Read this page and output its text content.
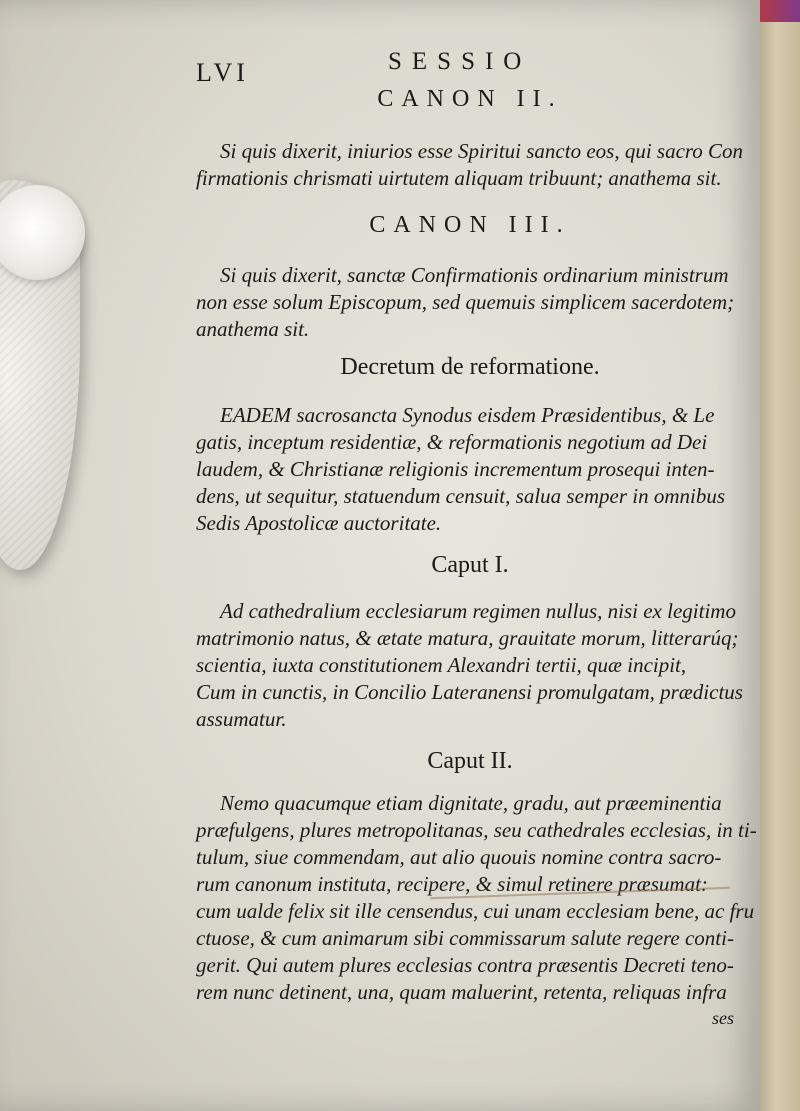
LVI	SESSIO
CANON II.
Si quis dixerit, iniurios esse Spiritui sancto eos, qui sacro Con
firmationis chrismati uirtutem aliquam tribuunt; anathema sit.
CANON III.
Si quis dixerit, sanctæ Confirmationis ordinarium ministrum
non esse solum Episcopum, sed quemuis simplicem sacerdotem;
anathema sit.
Decretum de reformatione.
EADEM sacrosancta Synodus eisdem Præsidentibus, & Le
gatis, inceptum residentiæ, & reformationis negotium ad Dei
laudem, & Christianæ religionis incrementum prosequi inten-
dens, ut sequitur, statuendum censuit, salua semper in omnibus
Sedis Apostolicæ auctoritate.
Caput I.
Ad cathedralium ecclesiarum regimen nullus, nisi ex legitimo
matrimonio natus, & ætate matura, grauitate morum, litterarúq;
scientia, iuxta constitutionem Alexandri tertii, quæ incipit,
Cum in cunctis, in Concilio Lateranensi promulgatam, prædictus
assumatur.
Caput II.
Nemo quacumque etiam dignitate, gradu, aut præeminentia
præfulgens, plures metropolitanas, seu cathedrales ecclesias, in ti-
tulum, siue commendam, aut alio quouis nomine contra sacro-
rum canonum instituta, recipere, & simul retinere præsumat:
cum ualde felix sit ille censendus, cui unam ecclesiam bene, ac fru
ctuose, & cum animarum sibi commissarum salute regere conti-
gerit. Qui autem plures ecclesias contra præsentis Decreti teno-
rem nunc detinent, una, quam maluerint, retenta, reliquas infra
ses
